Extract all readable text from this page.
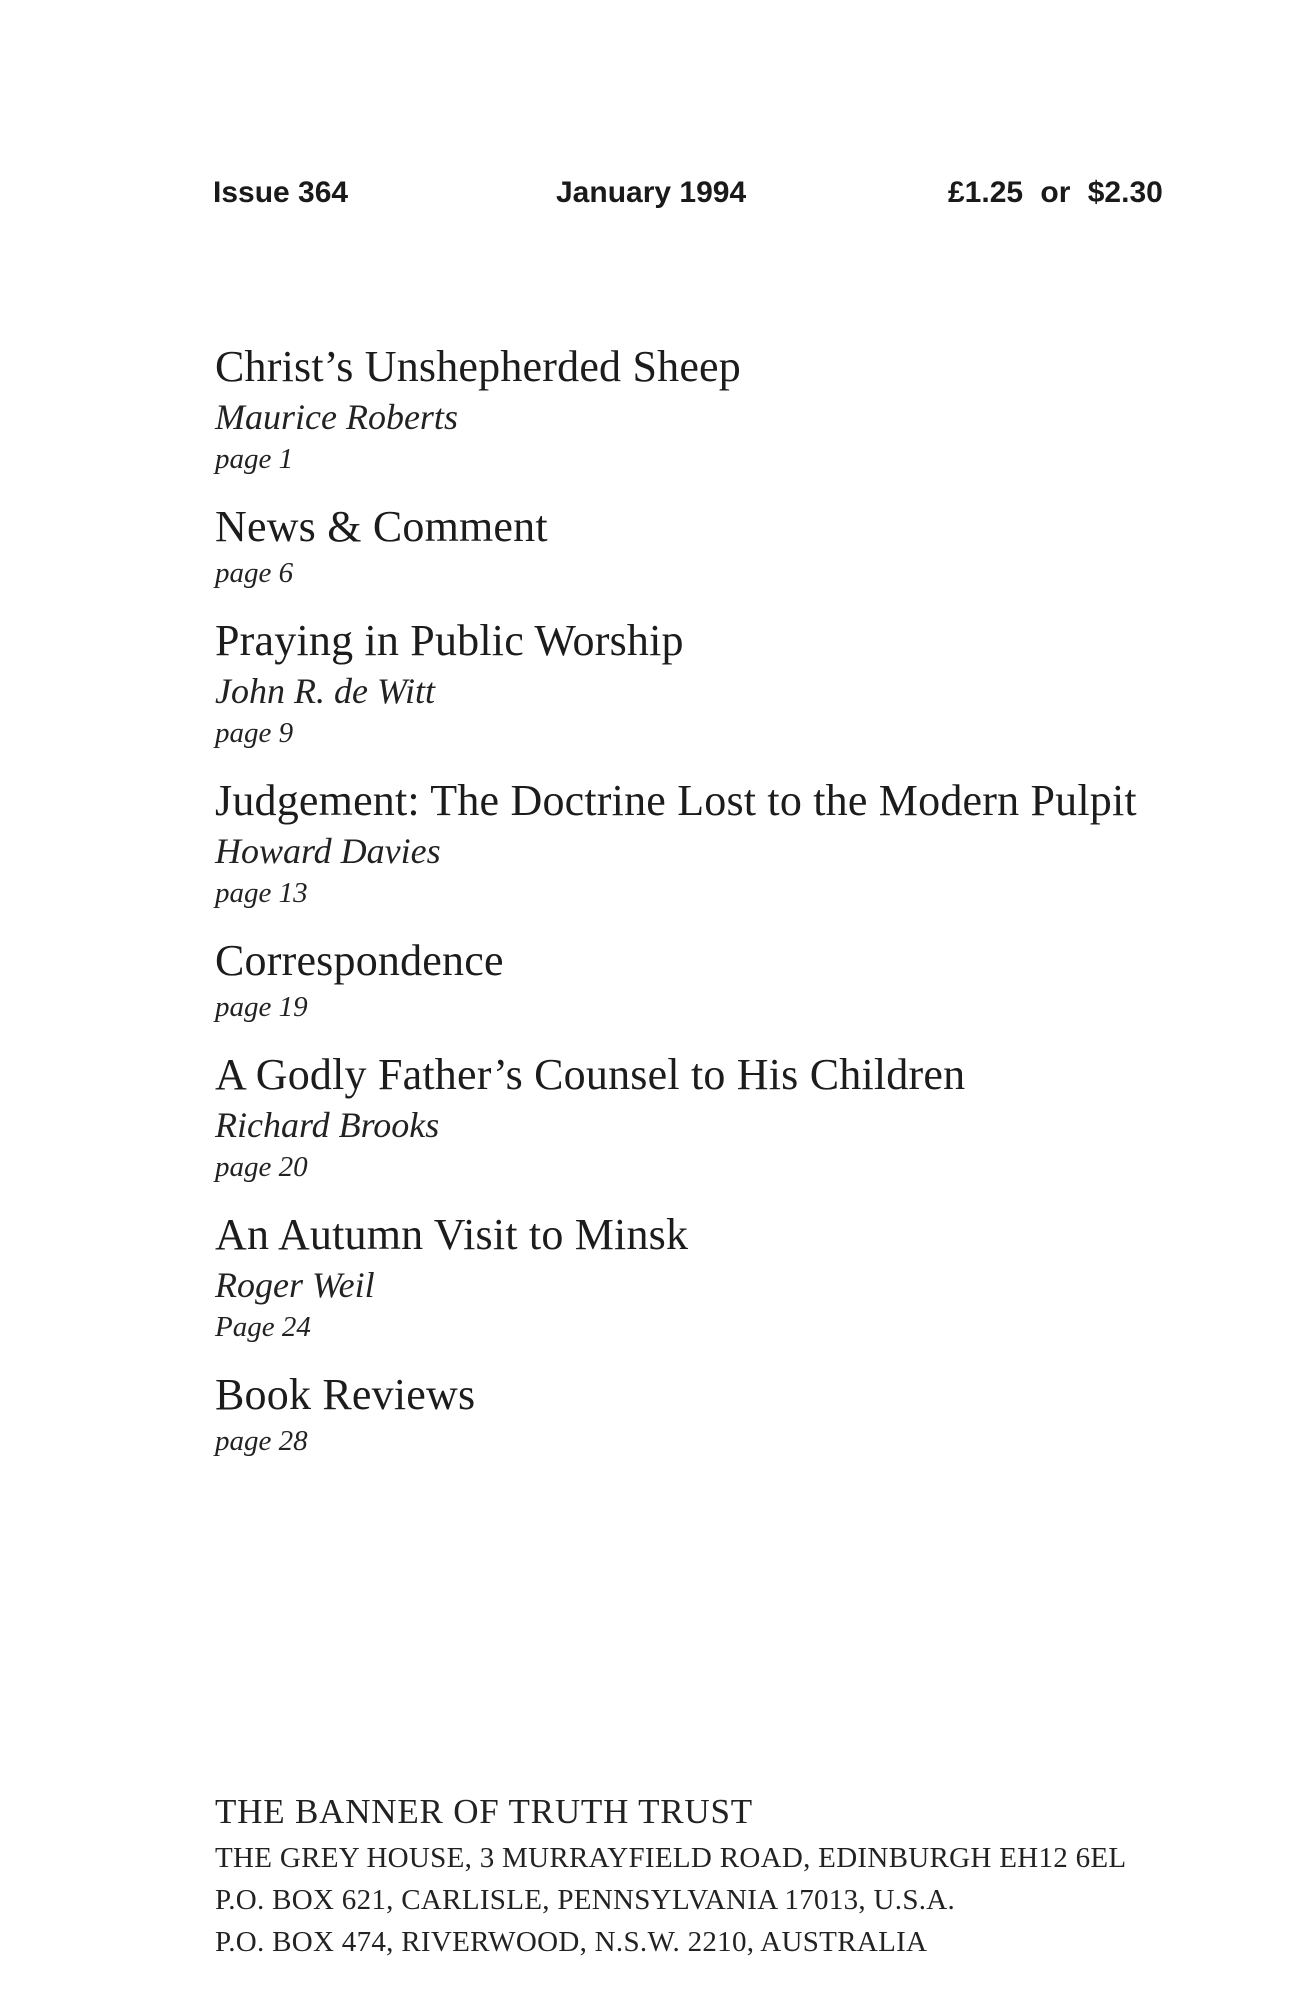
Issue 364	January 1994	£1.25 or $2.30
Christ’s Unshepherded Sheep
Maurice Roberts
page 1
News & Comment
page 6
Praying in Public Worship
John R. de Witt
page 9
Judgement: The Doctrine Lost to the Modern Pulpit
Howard Davies
page 13
Correspondence
page 19
A Godly Father’s Counsel to His Children
Richard Brooks
page 20
An Autumn Visit to Minsk
Roger Weil
Page 24
Book Reviews
page 28
THE BANNER OF TRUTH TRUST
THE GREY HOUSE, 3 MURRAYFIELD ROAD, EDINBURGH EH12 6EL
P.O. BOX 621, CARLISLE, PENNSYLVANIA 17013, U.S.A.
P.O. BOX 474, RIVERWOOD, N.S.W. 2210, AUSTRALIA
